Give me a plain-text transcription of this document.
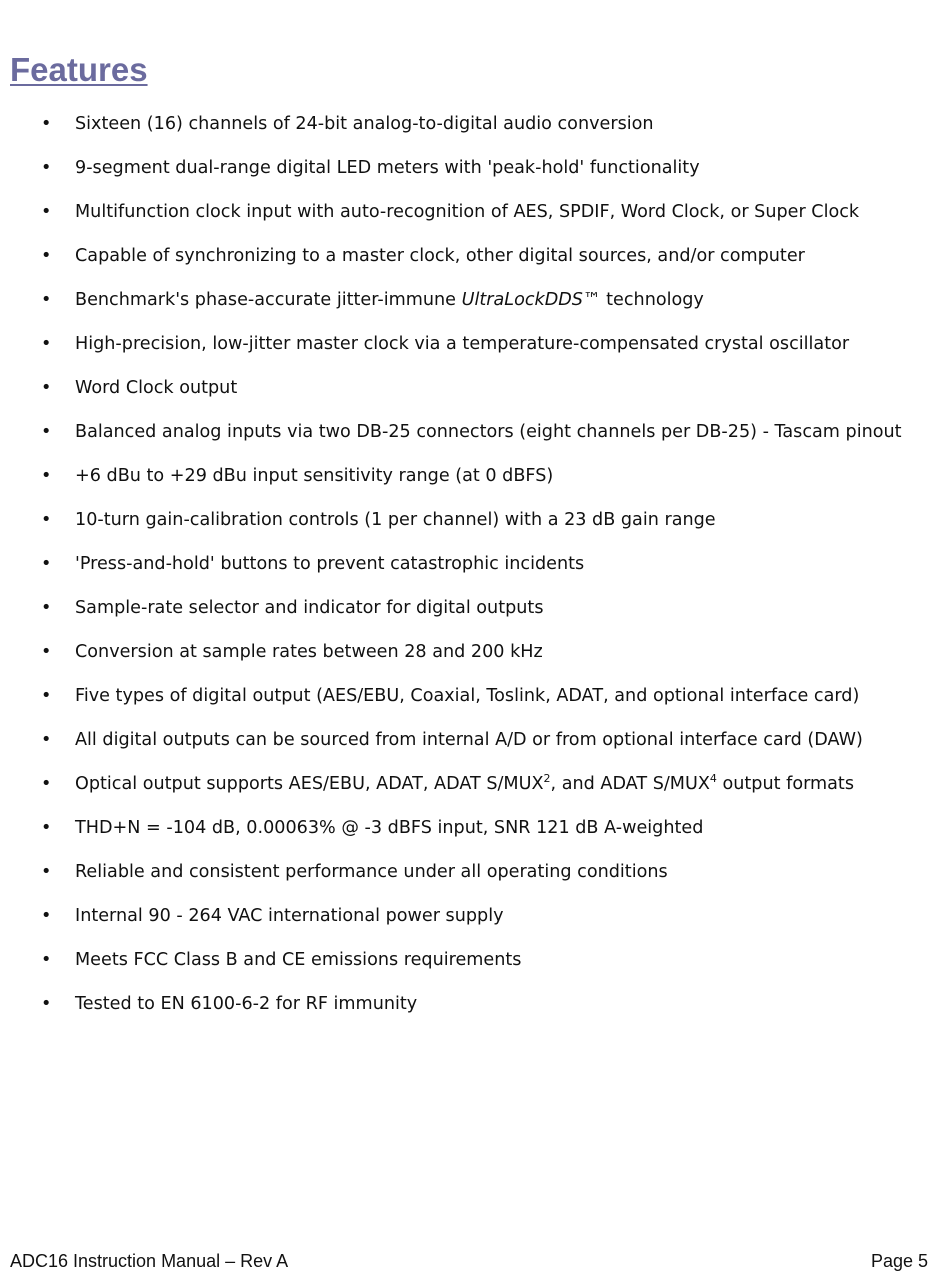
Features
• Sixteen (16) channels of 24-bit analog-to-digital audio conversion
• 9-segment dual-range digital LED meters with 'peak-hold' functionality
• Multifunction clock input with auto-recognition of AES, SPDIF, Word Clock, or Super Clock
• Capable of synchronizing to a master clock, other digital sources, and/or computer
• Benchmark's phase-accurate jitter-immune UltraLockDDS™ technology
• High-precision, low-jitter master clock via a temperature-compensated crystal oscillator
• Word Clock output
• Balanced analog inputs via two DB-25 connectors (eight channels per DB-25) - Tascam pinout
• +6 dBu to +29 dBu input sensitivity range (at 0 dBFS)
• 10-turn gain-calibration controls (1 per channel) with a 23 dB gain range
• 'Press-and-hold' buttons to prevent catastrophic incidents
• Sample-rate selector and indicator for digital outputs
• Conversion at sample rates between 28 and 200 kHz
• Five types of digital output (AES/EBU, Coaxial, Toslink, ADAT, and optional interface card)
• All digital outputs can be sourced from internal A/D or from optional interface card (DAW)
• Optical output supports AES/EBU, ADAT, ADAT S/MUX$^2$, and ADAT S/MUX$^4$ output formats
• THD+N = -104 dB, 0.00063% @ -3 dBFS input, SNR 121 dB A-weighted
• Reliable and consistent performance under all operating conditions
• Internal 90 - 264 VAC international power supply
• Meets FCC Class B and CE emissions requirements
• Tested to EN 6100-6-2 for RF immunity
ADC16 Instruction Manual – Rev A	Page 5
